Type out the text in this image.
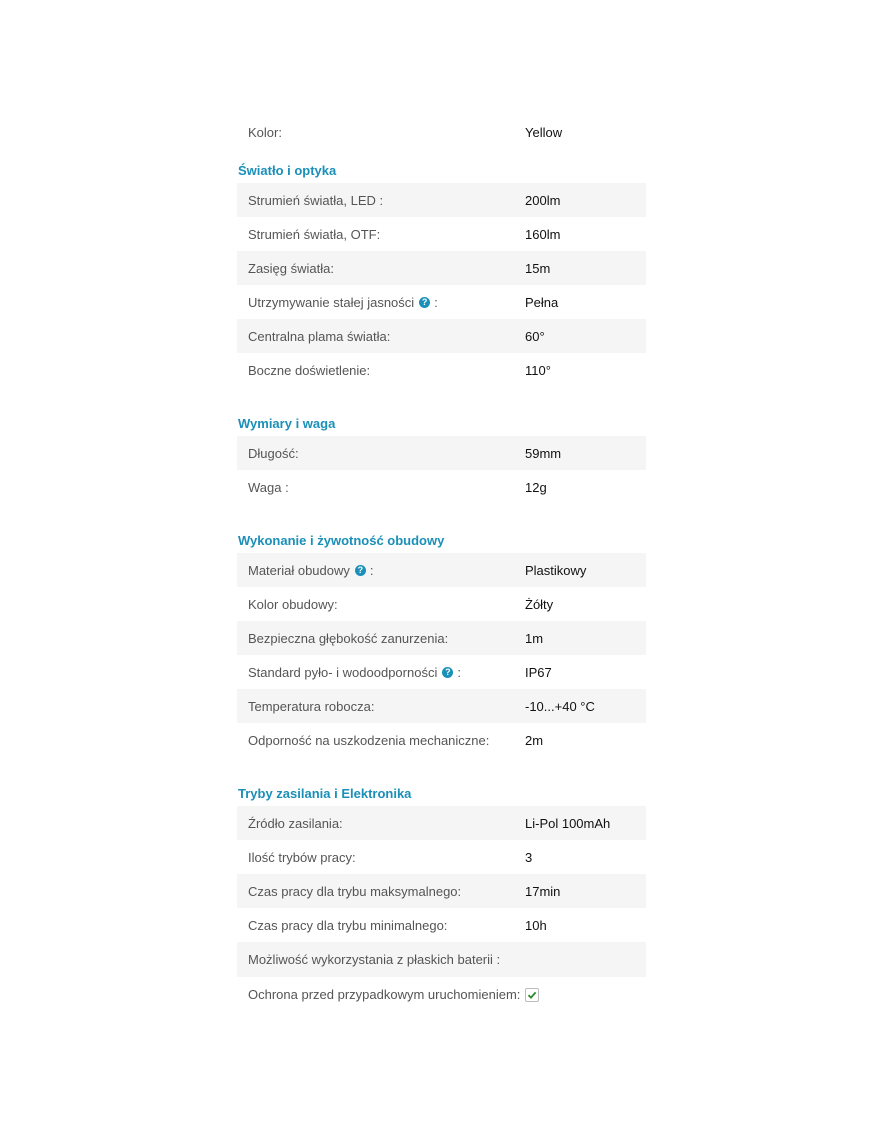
Kolor:	Yellow
Światło i optyka
Strumień światła, LED :	200lm
Strumień światła, OTF:	160lm
Zasięg światła:	15m
Utrzymywanie stałej jasności ? :	Pełna
Centralna plama światła:	60°
Boczne doświetlenie:	110°
Wymiary i waga
Długość:	59mm
Waga :	12g
Wykonanie i żywotność obudowy
Materiał obudowy ? :	Plastikowy
Kolor obudowy:	Żółty
Bezpieczna głębokość zanurzenia:	1m
Standard pyło- i wodoodporności ? :	IP67
Temperatura robocza:	-10...+40 °C
Odporność na uszkodzenia mechaniczne:	2m
Tryby zasilania i Elektronika
Źródło zasilania:	Li-Pol 100mAh
Ilość trybów pracy:	3
Czas pracy dla trybu maksymalnego:	17min
Czas pracy dla trybu minimalnego:	10h
Możliwość wykorzystania z płaskich baterii :
Ochrona przed przypadkowym uruchomieniem:
